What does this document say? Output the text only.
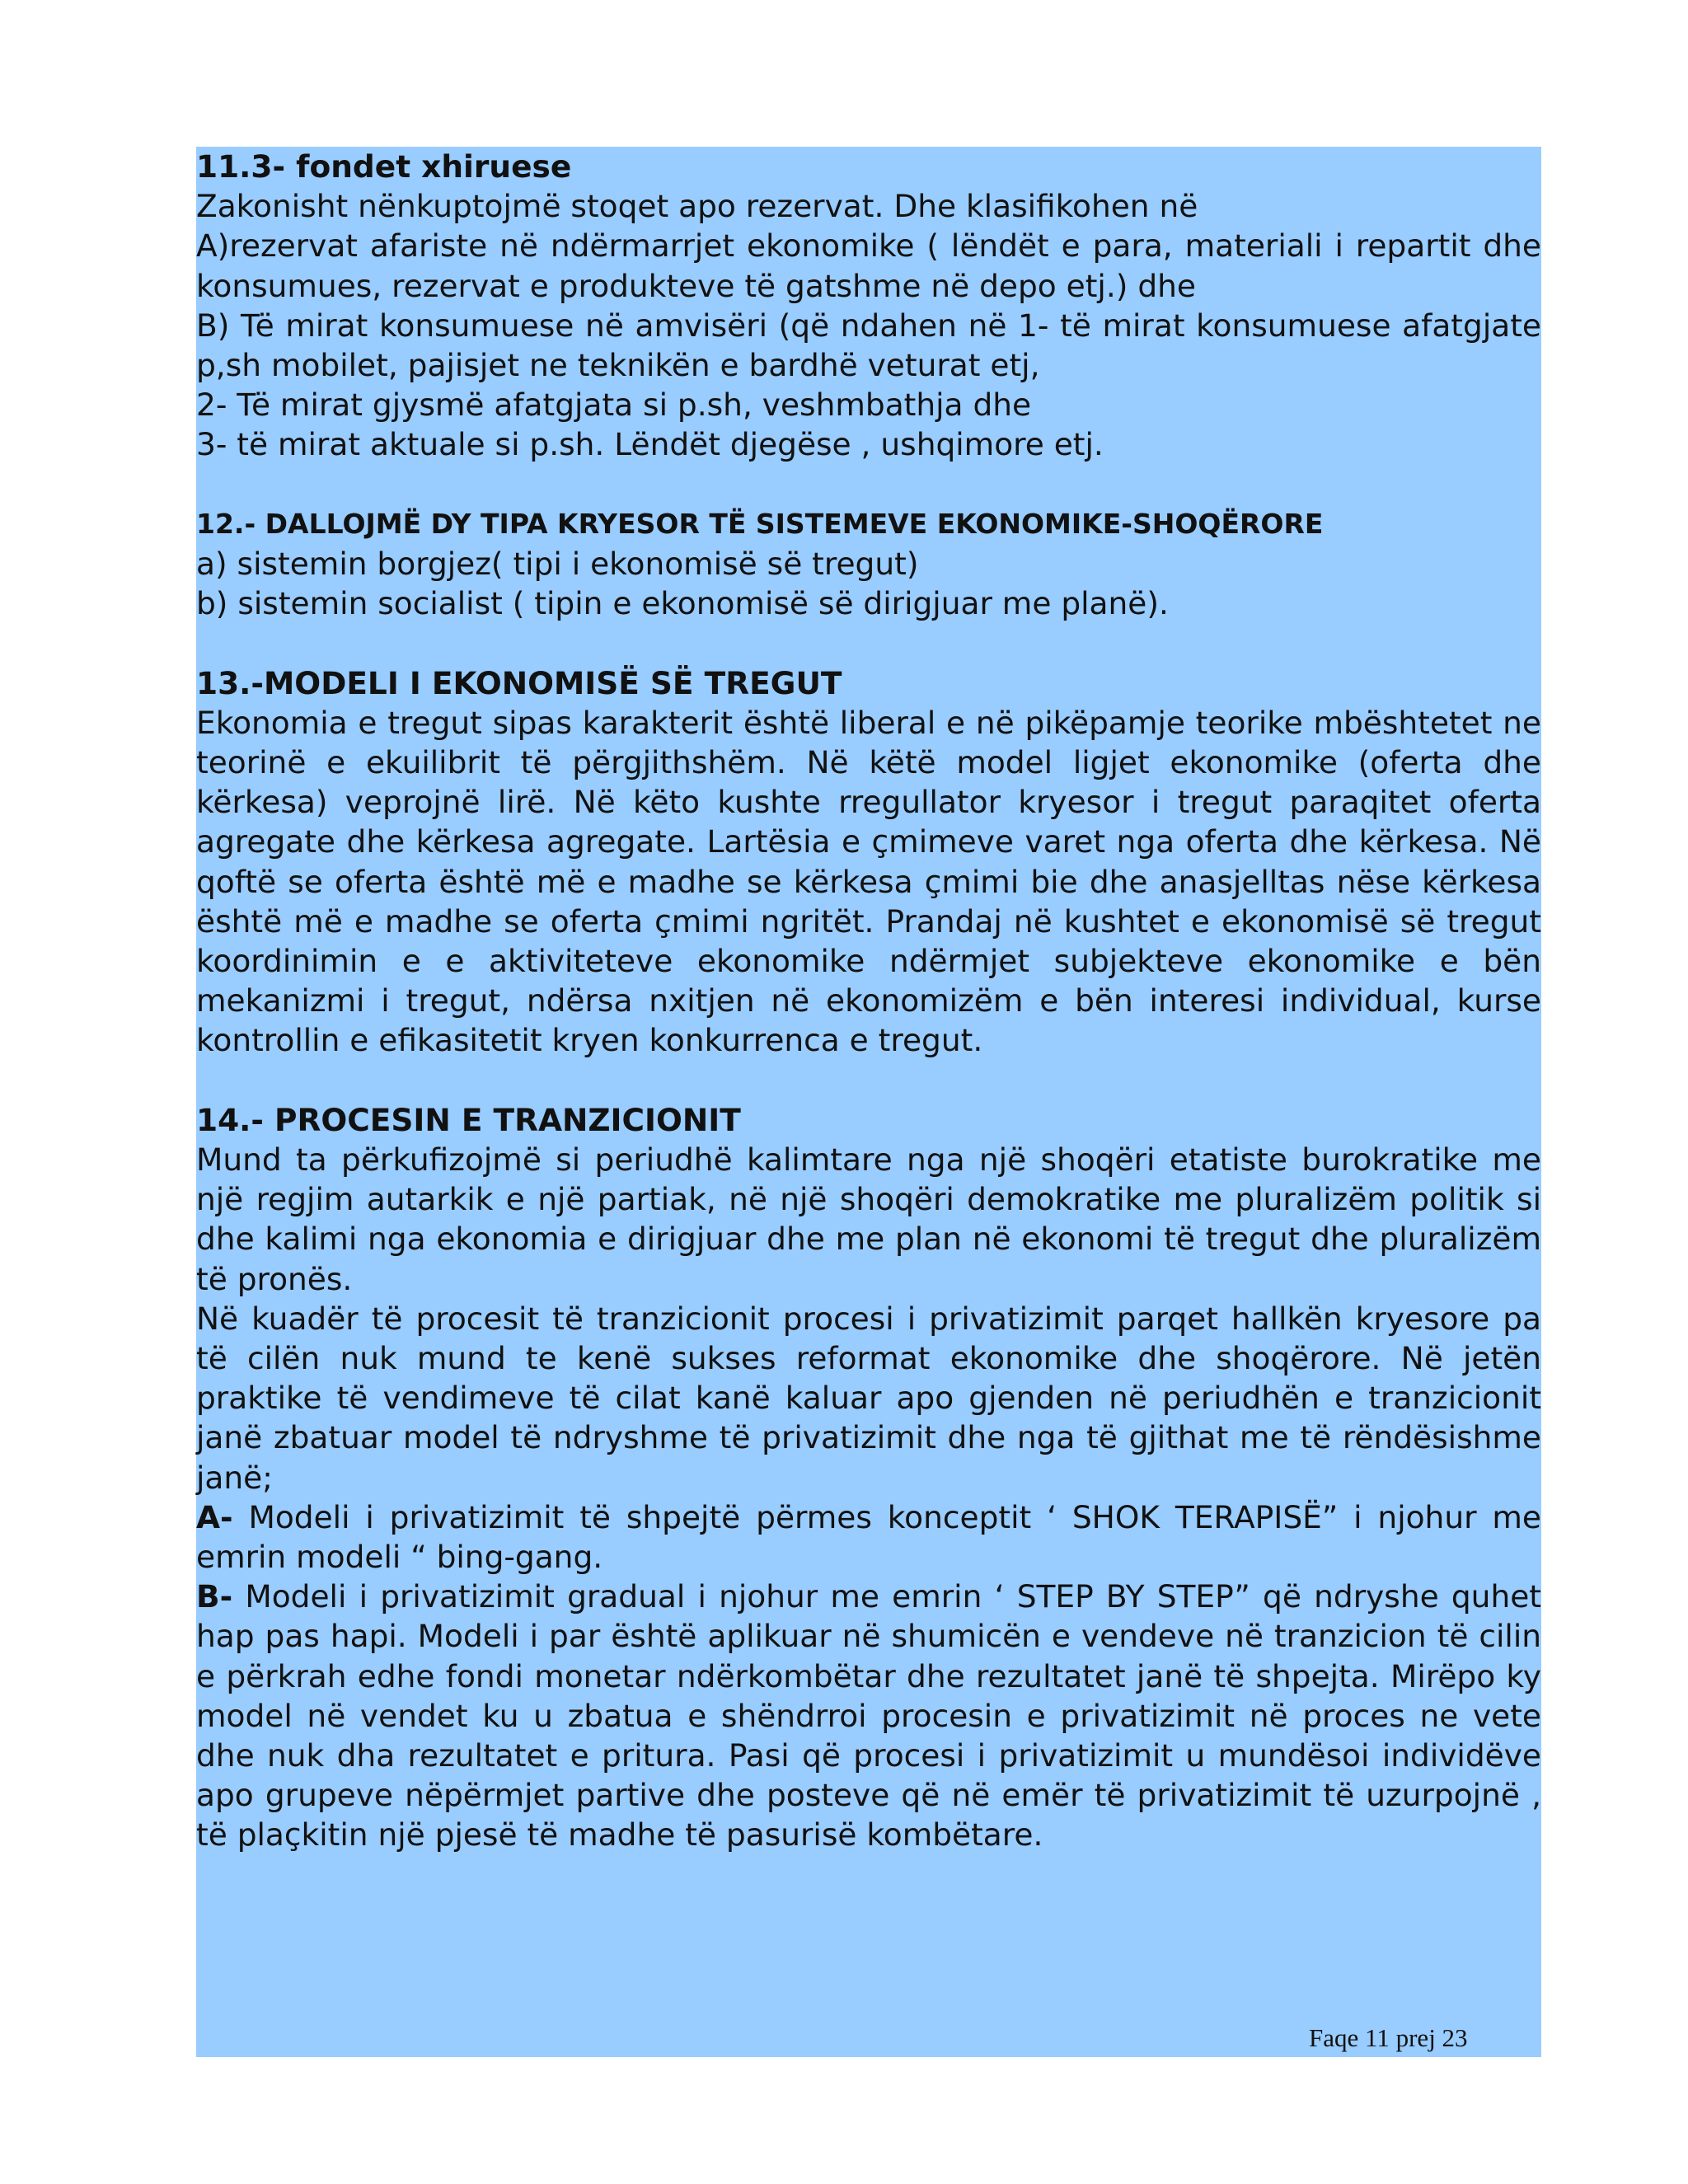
11.3- fondet xhiruese

Zakonisht nënkuptojmë stoqet apo rezervat. Dhe klasifikohen në

A)rezervat afariste në ndërmarrjet ekonomike ( lëndët e para, materiali i repartit dhe konsumues, rezervat e produkteve të gatshme në depo etj.) dhe

B) Të mirat konsumuese në amvisëri (që ndahen në 1- të mirat konsumuese afatgjate p,sh mobilet, pajisjet ne teknikën e bardhë veturat etj,

2- Të mirat gjysmë afatgjata si p.sh, veshmbathja dhe

3- të mirat aktuale si p.sh. Lëndët djegëse , ushqimore etj.

12.- DALLOJMË DY TIPA KRYESOR TË SISTEMEVE EKONOMIKE-SHOQËRORE

a) sistemin borgjez( tipi i ekonomisë së tregut)

b) sistemin socialist ( tipin e ekonomisë së dirigjuar me planë).

13.-MODELI I EKONOMISË SË TREGUT

Ekonomia e tregut sipas karakterit është liberal e në pikëpamje teorike mbështetet ne teorinë e ekuilibrit të përgjithshëm. Në këtë model ligjet ekonomike (oferta dhe kërkesa) veprojnë lirë. Në këto kushte rregullator kryesor i tregut paraqitet oferta agregate dhe kërkesa agregate. Lartësia e çmimeve varet nga oferta dhe kërkesa. Në qoftë se oferta është më e madhe se kërkesa çmimi bie dhe anasjelltas nëse kërkesa është më e madhe se oferta çmimi ngritët. Prandaj në kushtet e ekonomisë së tregut koordinimin e e aktiviteteve ekonomike ndërmjet subjekteve ekonomike e bën mekanizmi i tregut, ndërsa nxitjen në ekonomizëm e bën interesi individual, kurse kontrollin e efikasitetit kryen konkurrenca e tregut.

14.- PROCESIN E TRANZICIONIT

Mund ta përkufizojmë si periudhë kalimtare nga një shoqëri etatiste burokratike me një regjim autarkik e një partiak, në një shoqëri demokratike me pluralizëm politik si dhe kalimi nga ekonomia e dirigjuar dhe me plan në ekonomi të tregut dhe pluralizëm të pronës.

Në kuadër të procesit të tranzicionit procesi i privatizimit parqet hallkën kryesore pa të cilën nuk mund te kenë sukses reformat ekonomike dhe shoqërore. Në jetën praktike të vendimeve të cilat kanë kaluar apo gjenden në periudhën e tranzicionit janë zbatuar model të ndryshme të privatizimit dhe nga të gjithat me të rëndësishme janë;

A- Modeli i privatizimit të shpejtë përmes konceptit ‘ SHOK TERAPISË” i njohur me emrin modeli “ bing-gang.

B- Modeli i privatizimit gradual i njohur me emrin ‘ STEP BY STEP” që ndryshe quhet hap pas hapi. Modeli i par është aplikuar në shumicën e vendeve në tranzicion të cilin e përkrah edhe fondi monetar ndërkombëtar dhe rezultatet janë të shpejta. Mirëpo ky model në vendet ku u zbatua e shëndrroi procesin e privatizimit në proces ne vete dhe nuk dha rezultatet e pritura. Pasi që procesi i privatizimit u mundësoi individëve apo grupeve nëpërmjet partive dhe posteve që në emër të privatizimit të uzurpojnë , të plaçkitin një pjesë të madhe të pasurisë kombëtare.

Faqe 11 prej 23
